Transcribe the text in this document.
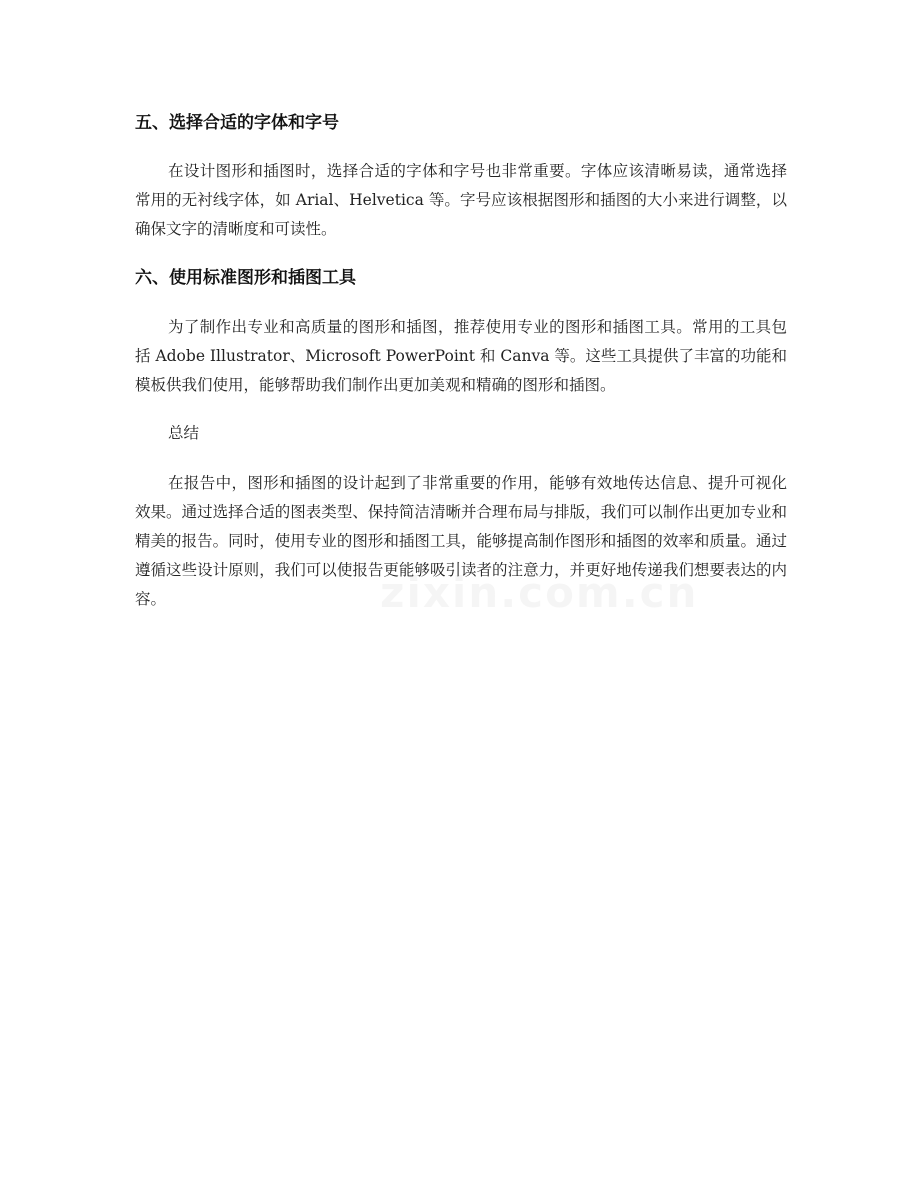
五、选择合适的字体和字号

在设计图形和插图时，选择合适的字体和字号也非常重要。字体应该清晰易读，通常选择常用的无衬线字体，如 Arial、Helvetica 等。字号应该根据图形和插图的大小来进行调整，以确保文字的清晰度和可读性。

六、使用标准图形和插图工具

为了制作出专业和高质量的图形和插图，推荐使用专业的图形和插图工具。常用的工具包括 Adobe Illustrator、Microsoft PowerPoint 和 Canva 等。这些工具提供了丰富的功能和模板供我们使用，能够帮助我们制作出更加美观和精确的图形和插图。

总结

在报告中，图形和插图的设计起到了非常重要的作用，能够有效地传达信息、提升可视化效果。通过选择合适的图表类型、保持简洁清晰并合理布局与排版，我们可以制作出更加专业和精美的报告。同时，使用专业的图形和插图工具，能够提高制作图形和插图的效率和质量。通过遵循这些设计原则，我们可以使报告更能够吸引读者的注意力，并更好地传递我们想要表达的内容。
